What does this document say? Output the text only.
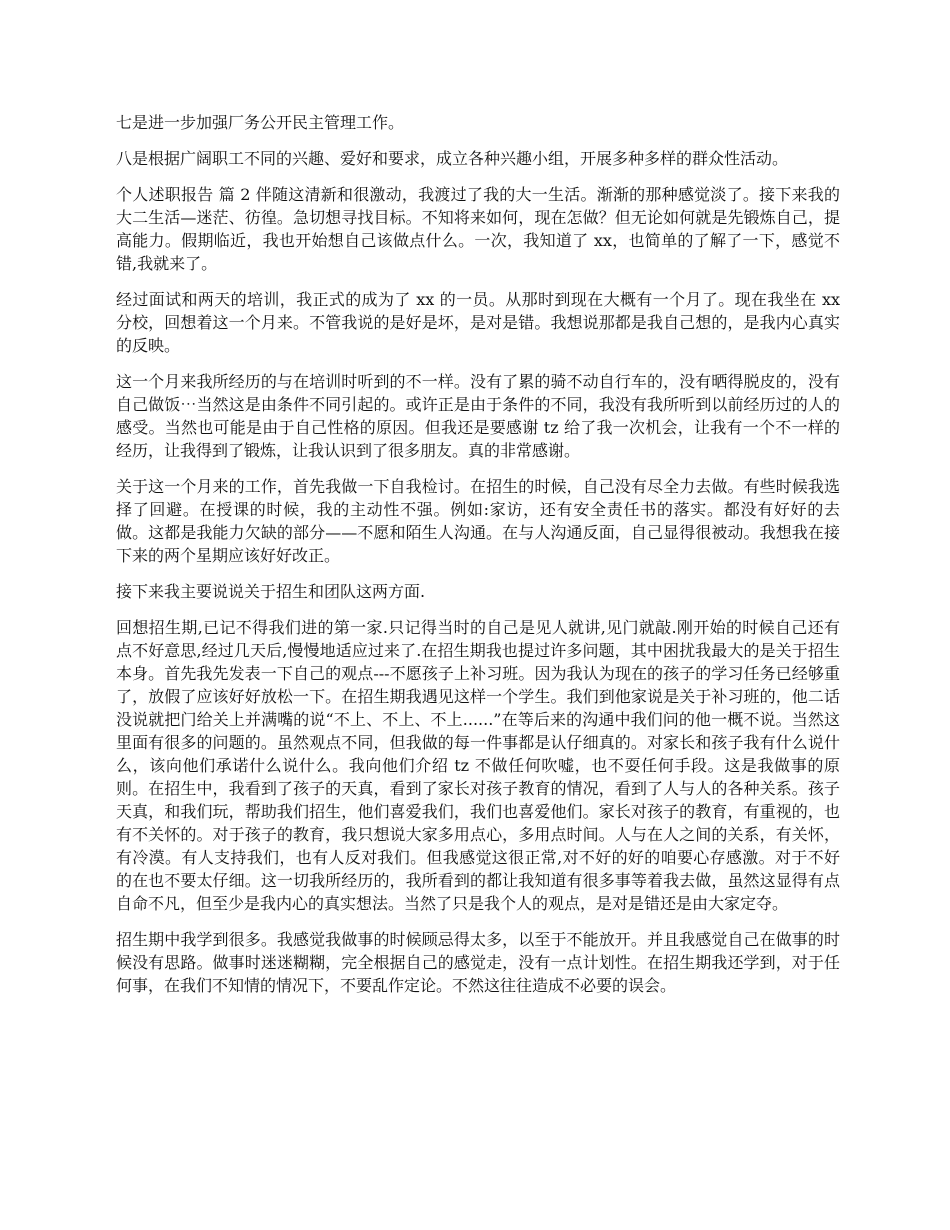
七是进一步加强厂务公开民主管理工作。

八是根据广阔职工不同的兴趣、爱好和要求，成立各种兴趣小组，开展多种多样的群众性活动。

个人述职报告 篇 2 伴随这清新和很激动，我渡过了我的大一生活。渐渐的那种感觉淡了。接下来我的大二生活—迷茫、彷徨。急切想寻找目标。不知将来如何，现在怎做？但无论如何就是先锻炼自己，提高能力。假期临近，我也开始想自己该做点什么。一次，我知道了 xx，也简单的了解了一下，感觉不错,我就来了。

经过面试和两天的培训，我正式的成为了 xx 的一员。从那时到现在大概有一个月了。现在我坐在 xx 分校，回想着这一个月来。不管我说的是好是坏，是对是错。我想说那都是我自己想的，是我内心真实的反映。

这一个月来我所经历的与在培训时听到的不一样。没有了累的骑不动自行车的，没有晒得脱皮的，没有自己做饭⋯当然这是由条件不同引起的。或许正是由于条件的不同，我没有我所听到以前经历过的人的感受。当然也可能是由于自己性格的原因。但我还是要感谢 tz 给了我一次机会，让我有一个不一样的经历，让我得到了锻炼，让我认识到了很多朋友。真的非常感谢。

关于这一个月来的工作，首先我做一下自我检讨。在招生的时候，自己没有尽全力去做。有些时候我选择了回避。在授课的时候，我的主动性不强。例如:家访，还有安全责任书的落实。都没有好好的去做。这都是我能力欠缺的部分——不愿和陌生人沟通。在与人沟通反面，自己显得很被动。我想我在接下来的两个星期应该好好改正。

接下来我主要说说关于招生和团队这两方面.

回想招生期,已记不得我们进的第一家.只记得当时的自己是见人就讲,见门就敲.刚开始的时候自己还有点不好意思,经过几天后,慢慢地适应过来了.在招生期我也提过许多问题，其中困扰我最大的是关于招生本身。首先我先发表一下自己的观点---不愿孩子上补习班。因为我认为现在的孩子的学习任务已经够重了，放假了应该好好放松一下。在招生期我遇见这样一个学生。我们到他家说是关于补习班的，他二话没说就把门给关上并满嘴的说“不上、不上、不上......”在等后来的沟通中我们问的他一概不说。当然这里面有很多的问题的。虽然观点不同，但我做的每一件事都是认仔细真的。对家长和孩子我有什么说什么，该向他们承诺什么说什么。我向他们介绍 tz 不做任何吹嘘，也不耍任何手段。这是我做事的原则。在招生中，我看到了孩子的天真，看到了家长对孩子教育的情况，看到了人与人的各种关系。孩子天真，和我们玩，帮助我们招生，他们喜爱我们，我们也喜爱他们。家长对孩子的教育，有重视的，也有不关怀的。对于孩子的教育，我只想说大家多用点心，多用点时间。人与在人之间的关系，有关怀，有冷漠。有人支持我们，也有人反对我们。但我感觉这很正常,对不好的好的咱要心存感激。对于不好的在也不要太仔细。这一切我所经历的，我所看到的都让我知道有很多事等着我去做，虽然这显得有点自命不凡，但至少是我内心的真实想法。当然了只是我个人的观点，是对是错还是由大家定夺。

招生期中我学到很多。我感觉我做事的时候顾忌得太多，以至于不能放开。并且我感觉自己在做事的时候没有思路。做事时迷迷糊糊，完全根据自己的感觉走，没有一点计划性。在招生期我还学到，对于任何事，在我们不知情的情况下，不要乱作定论。不然这往往造成不必要的误会。
